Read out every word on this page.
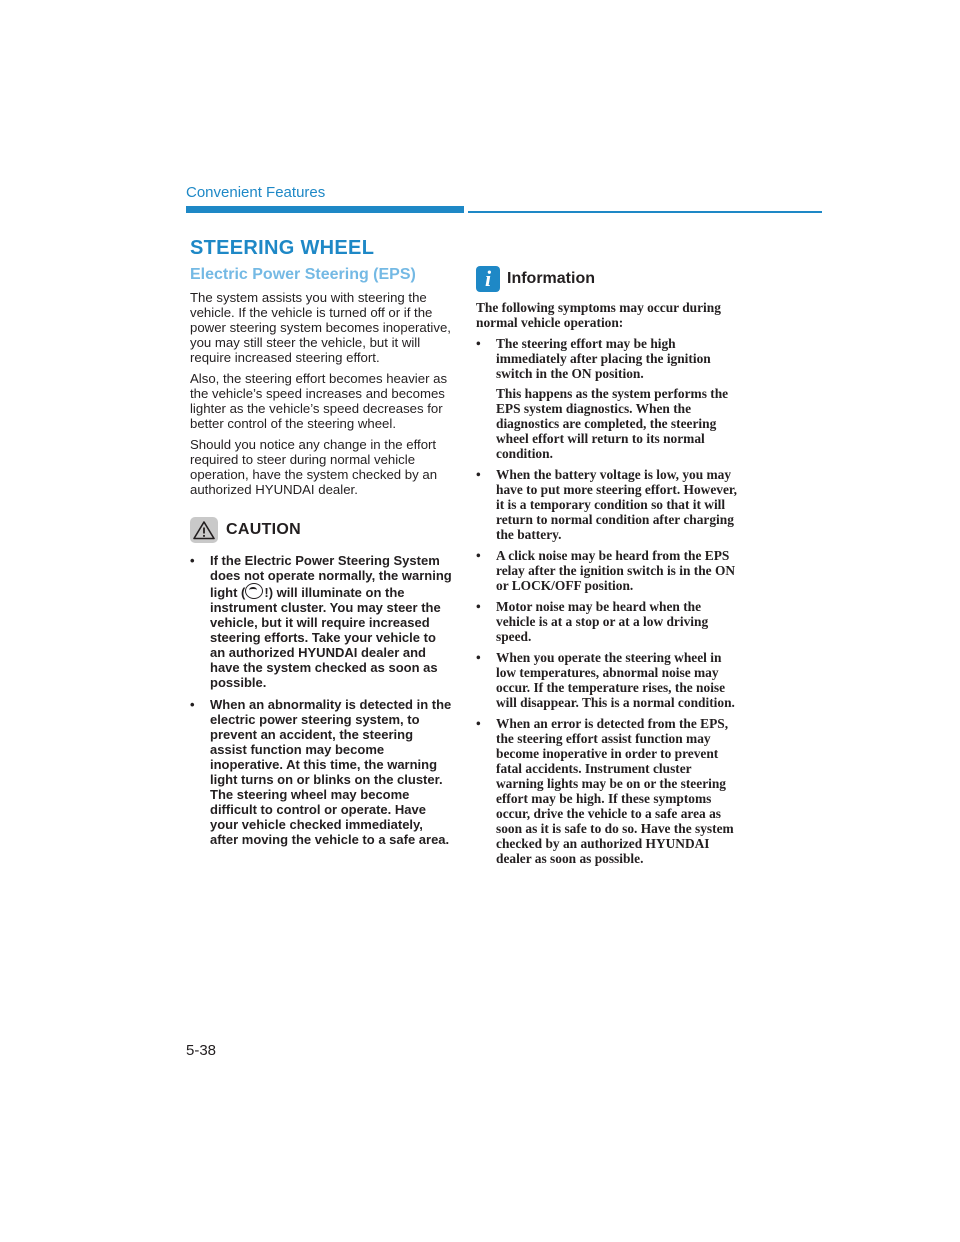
Convenient Features
STEERING WHEEL
Electric Power Steering (EPS)

The system assists you with steering the vehicle. If the vehicle is turned off or if the power steering system becomes inoperative, you may still steer the vehicle, but it will require increased steering effort.

Also, the steering effort becomes heavier as the vehicle’s speed increases and becomes lighter as the vehicle’s speed decreases for better control of the steering wheel.

Should you notice any change in the effort required to steer during normal vehicle operation, have the system checked by an authorized HYUNDAI dealer.

CAUTION
• If the Electric Power Steering System does not operate normally, the warning light ( !) will illuminate on the instrument cluster. You may steer the vehicle, but it will require increased steering efforts. Take your vehicle to an authorized HYUNDAI dealer and have the system checked as soon as possible.
• When an abnormality is detected in the electric power steering system, to prevent an accident, the steering assist function may become inoperative. At this time, the warning light turns on or blinks on the cluster. The steering wheel may become difficult to control or operate. Have your vehicle checked immediately, after moving the vehicle to a safe area.
i Information

The following symptoms may occur during normal vehicle operation:

• The steering effort may be high immediately after placing the ignition switch in the ON position.
This happens as the system performs the EPS system diagnostics. When the diagnostics are completed, the steering wheel effort will return to its normal condition.
• When the battery voltage is low, you may have to put more steering effort. However, it is a temporary condition so that it will return to normal condition after charging the battery.
• A click noise may be heard from the EPS relay after the ignition switch is in the ON or LOCK/OFF position.
• Motor noise may be heard when the vehicle is at a stop or at a low driving speed.
• When you operate the steering wheel in low temperatures, abnormal noise may occur. If the temperature rises, the noise will disappear. This is a normal condition.
• When an error is detected from the EPS, the steering effort assist function may become inoperative in order to prevent fatal accidents. Instrument cluster warning lights may be on or the steering effort may be high. If these symptoms occur, drive the vehicle to a safe area as soon as it is safe to do so. Have the system checked by an authorized HYUNDAI dealer as soon as possible.
5-38
